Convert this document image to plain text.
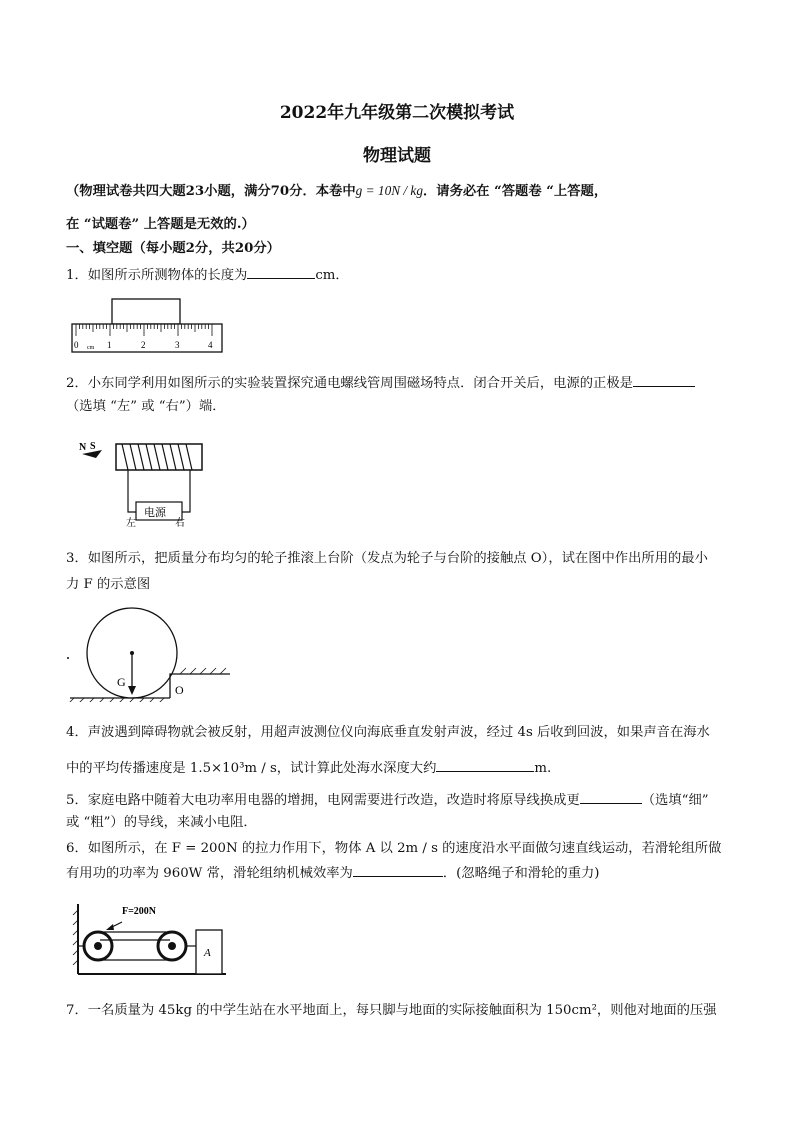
2022年九年级第二次模拟考试
物理试题
（物理试卷共四大题23小题，满分70分．本卷中g = 10N / kg．请务必在 “答题卷 “上答题，
在 “试题卷” 上答题是无效的.）
一、填空题（每小题2分，共20分）
1．如图所示所测物体的长度为	cm．
0 cm 1	2	3	4
2．小东同学利用如图所示的实验装置探究通电螺线管周围磁场特点．闭合开关后，电源的正极是
（选填 “左” 或 “右”）端．
N S
电源
左	右
3．如图所示，把质量分布均匀的轮子推滚上台阶（发点为轮子与台阶的接触点 O），试在图中作出所用的最小
力 F 的示意图
G
O
4．声波遇到障碍物就会被反射，用超声波测位仪向海底垂直发射声波，经过 4s 后收到回波，如果声音在海水
中的平均传播速度是 1.5×10³m / s，试计算此处海水深度大约	m.
5．家庭电路中随着大电功率用电器的增拥，电网需要进行改造，改造时将原导线换成更	（选填“细”
或 “粗”）的导线，来减小电阻．
6．如图所示，在 F = 200N 的拉力作用下，物体 A 以 2m / s 的速度沿水平面做匀速直线运动，若滑轮组所做
有用功的功率为 960W 常，滑轮组纳机械效率为	．(忽略绳子和滑轮的重力)
F=200N
A
7．一名质量为 45kg 的中学生站在水平地面上，每只脚与地面的实际接触面积为 150cm²，则他对地面的压强
